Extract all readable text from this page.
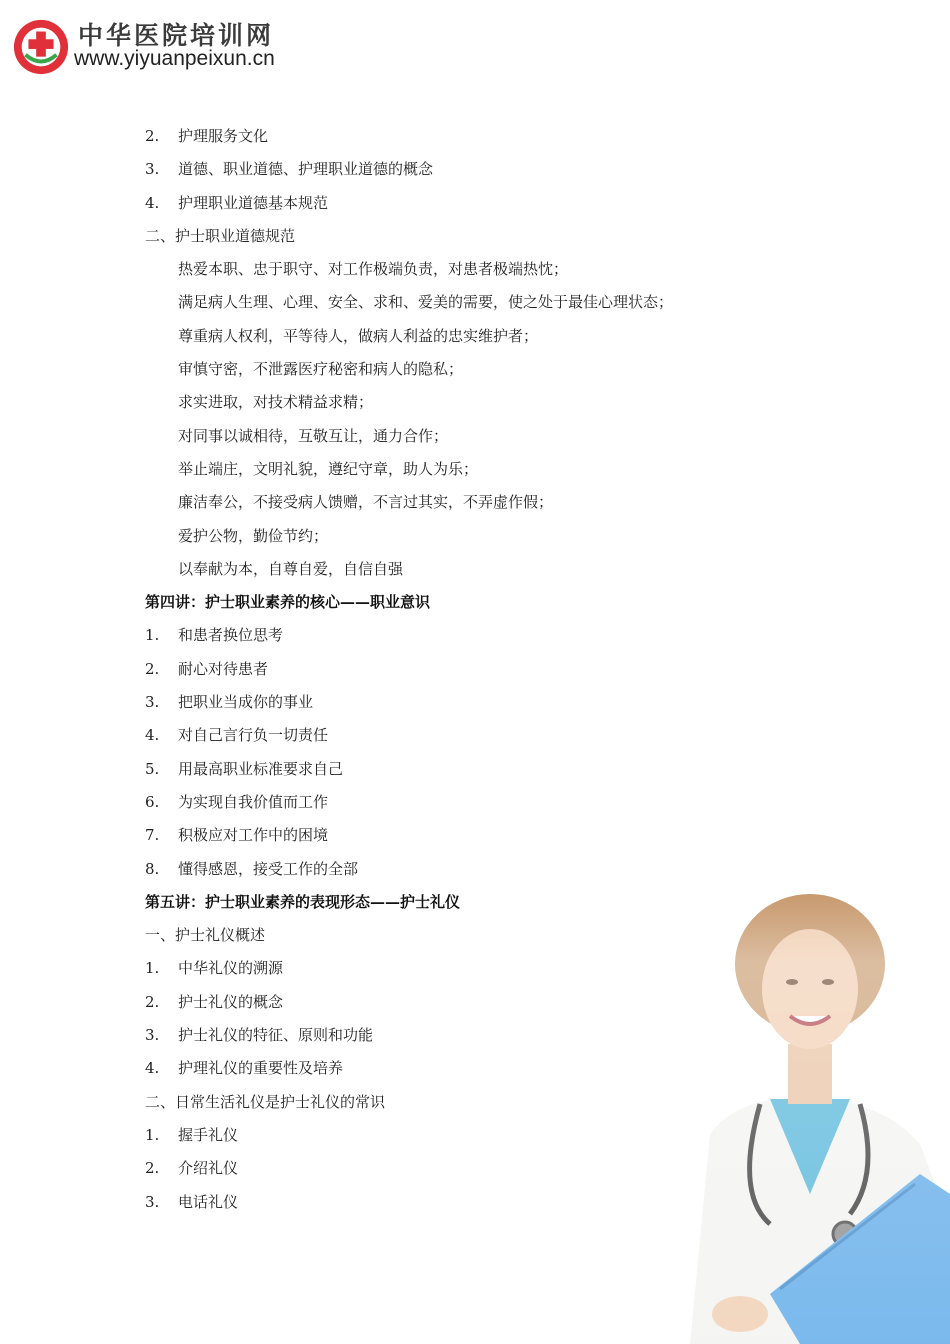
中华医院培训网
www.yiyuanpeixun.cn
2. 护理服务文化
3. 道德、职业道德、护理职业道德的概念
4. 护理职业道德基本规范
二、护士职业道德规范
热爱本职、忠于职守、对工作极端负责，对患者极端热忱；
满足病人生理、心理、安全、求和、爱美的需要，使之处于最佳心理状态；
尊重病人权利，平等待人，做病人利益的忠实维护者；
审慎守密，不泄露医疗秘密和病人的隐私；
求实进取，对技术精益求精；
对同事以诚相待，互敬互让，通力合作；
举止端庄，文明礼貌，遵纪守章，助人为乐；
廉洁奉公，不接受病人馈赠，不言过其实，不弄虚作假；
爱护公物，勤俭节约；
以奉献为本，自尊自爱，自信自强
第四讲：护士职业素养的核心——职业意识
1. 和患者换位思考
2. 耐心对待患者
3. 把职业当成你的事业
4. 对自己言行负一切责任
5. 用最高职业标准要求自己
6. 为实现自我价值而工作
7. 积极应对工作中的困境
8. 懂得感恩，接受工作的全部
第五讲：护士职业素养的表现形态——护士礼仪
一、护士礼仪概述
1. 中华礼仪的溯源
2. 护士礼仪的概念
3. 护士礼仪的特征、原则和功能
4. 护理礼仪的重要性及培养
二、日常生活礼仪是护士礼仪的常识
1. 握手礼仪
2. 介绍礼仪
3. 电话礼仪
